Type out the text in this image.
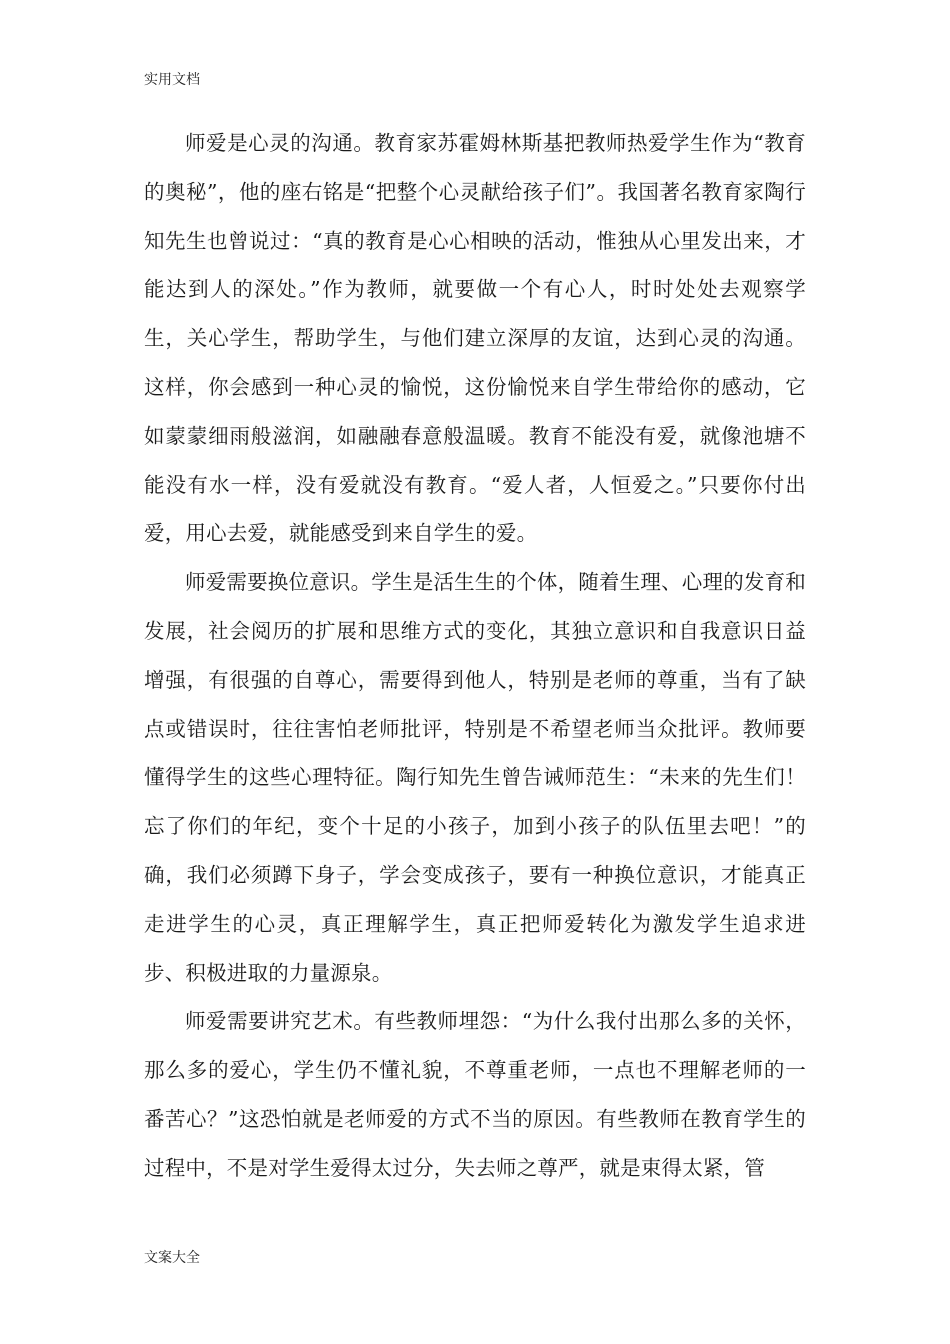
实用文档

师爱是心灵的沟通。教育家苏霍姆林斯基把教师热爱学生作为“教育的奥秘”，他的座右铭是“把整个心灵献给孩子们”。我国著名教育家陶行知先生也曾说过：“真的教育是心心相映的活动，惟独从心里发出来，才能达到人的深处。”作为教师，就要做一个有心人，时时处处去观察学生，关心学生，帮助学生，与他们建立深厚的友谊，达到心灵的沟通。这样，你会感到一种心灵的愉悦，这份愉悦来自学生带给你的感动，它如蒙蒙细雨般滋润，如融融春意般温暖。教育不能没有爱，就像池塘不能没有水一样，没有爱就没有教育。“爱人者，人恒爱之。”只要你付出爱，用心去爱，就能感受到来自学生的爱。

师爱需要换位意识。学生是活生生的个体，随着生理、心理的发育和发展，社会阅历的扩展和思维方式的变化，其独立意识和自我意识日益增强，有很强的自尊心，需要得到他人，特别是老师的尊重，当有了缺点或错误时，往往害怕老师批评，特别是不希望老师当众批评。教师要懂得学生的这些心理特征。陶行知先生曾告诫师范生：“未来的先生们！忘了你们的年纪，变个十足的小孩子，加到小孩子的队伍里去吧！”的确，我们必须蹲下身子，学会变成孩子，要有一种换位意识，才能真正走进学生的心灵，真正理解学生，真正把师爱转化为激发学生追求进步、积极进取的力量源泉。

师爱需要讲究艺术。有些教师埋怨：“为什么我付出那么多的关怀，那么多的爱心，学生仍不懂礼貌，不尊重老师，一点也不理解老师的一番苦心？”这恐怕就是老师爱的方式不当的原因。有些教师在教育学生的过程中，不是对学生爱得太过分，失去师之尊严，就是束得太紧，管

文案大全
